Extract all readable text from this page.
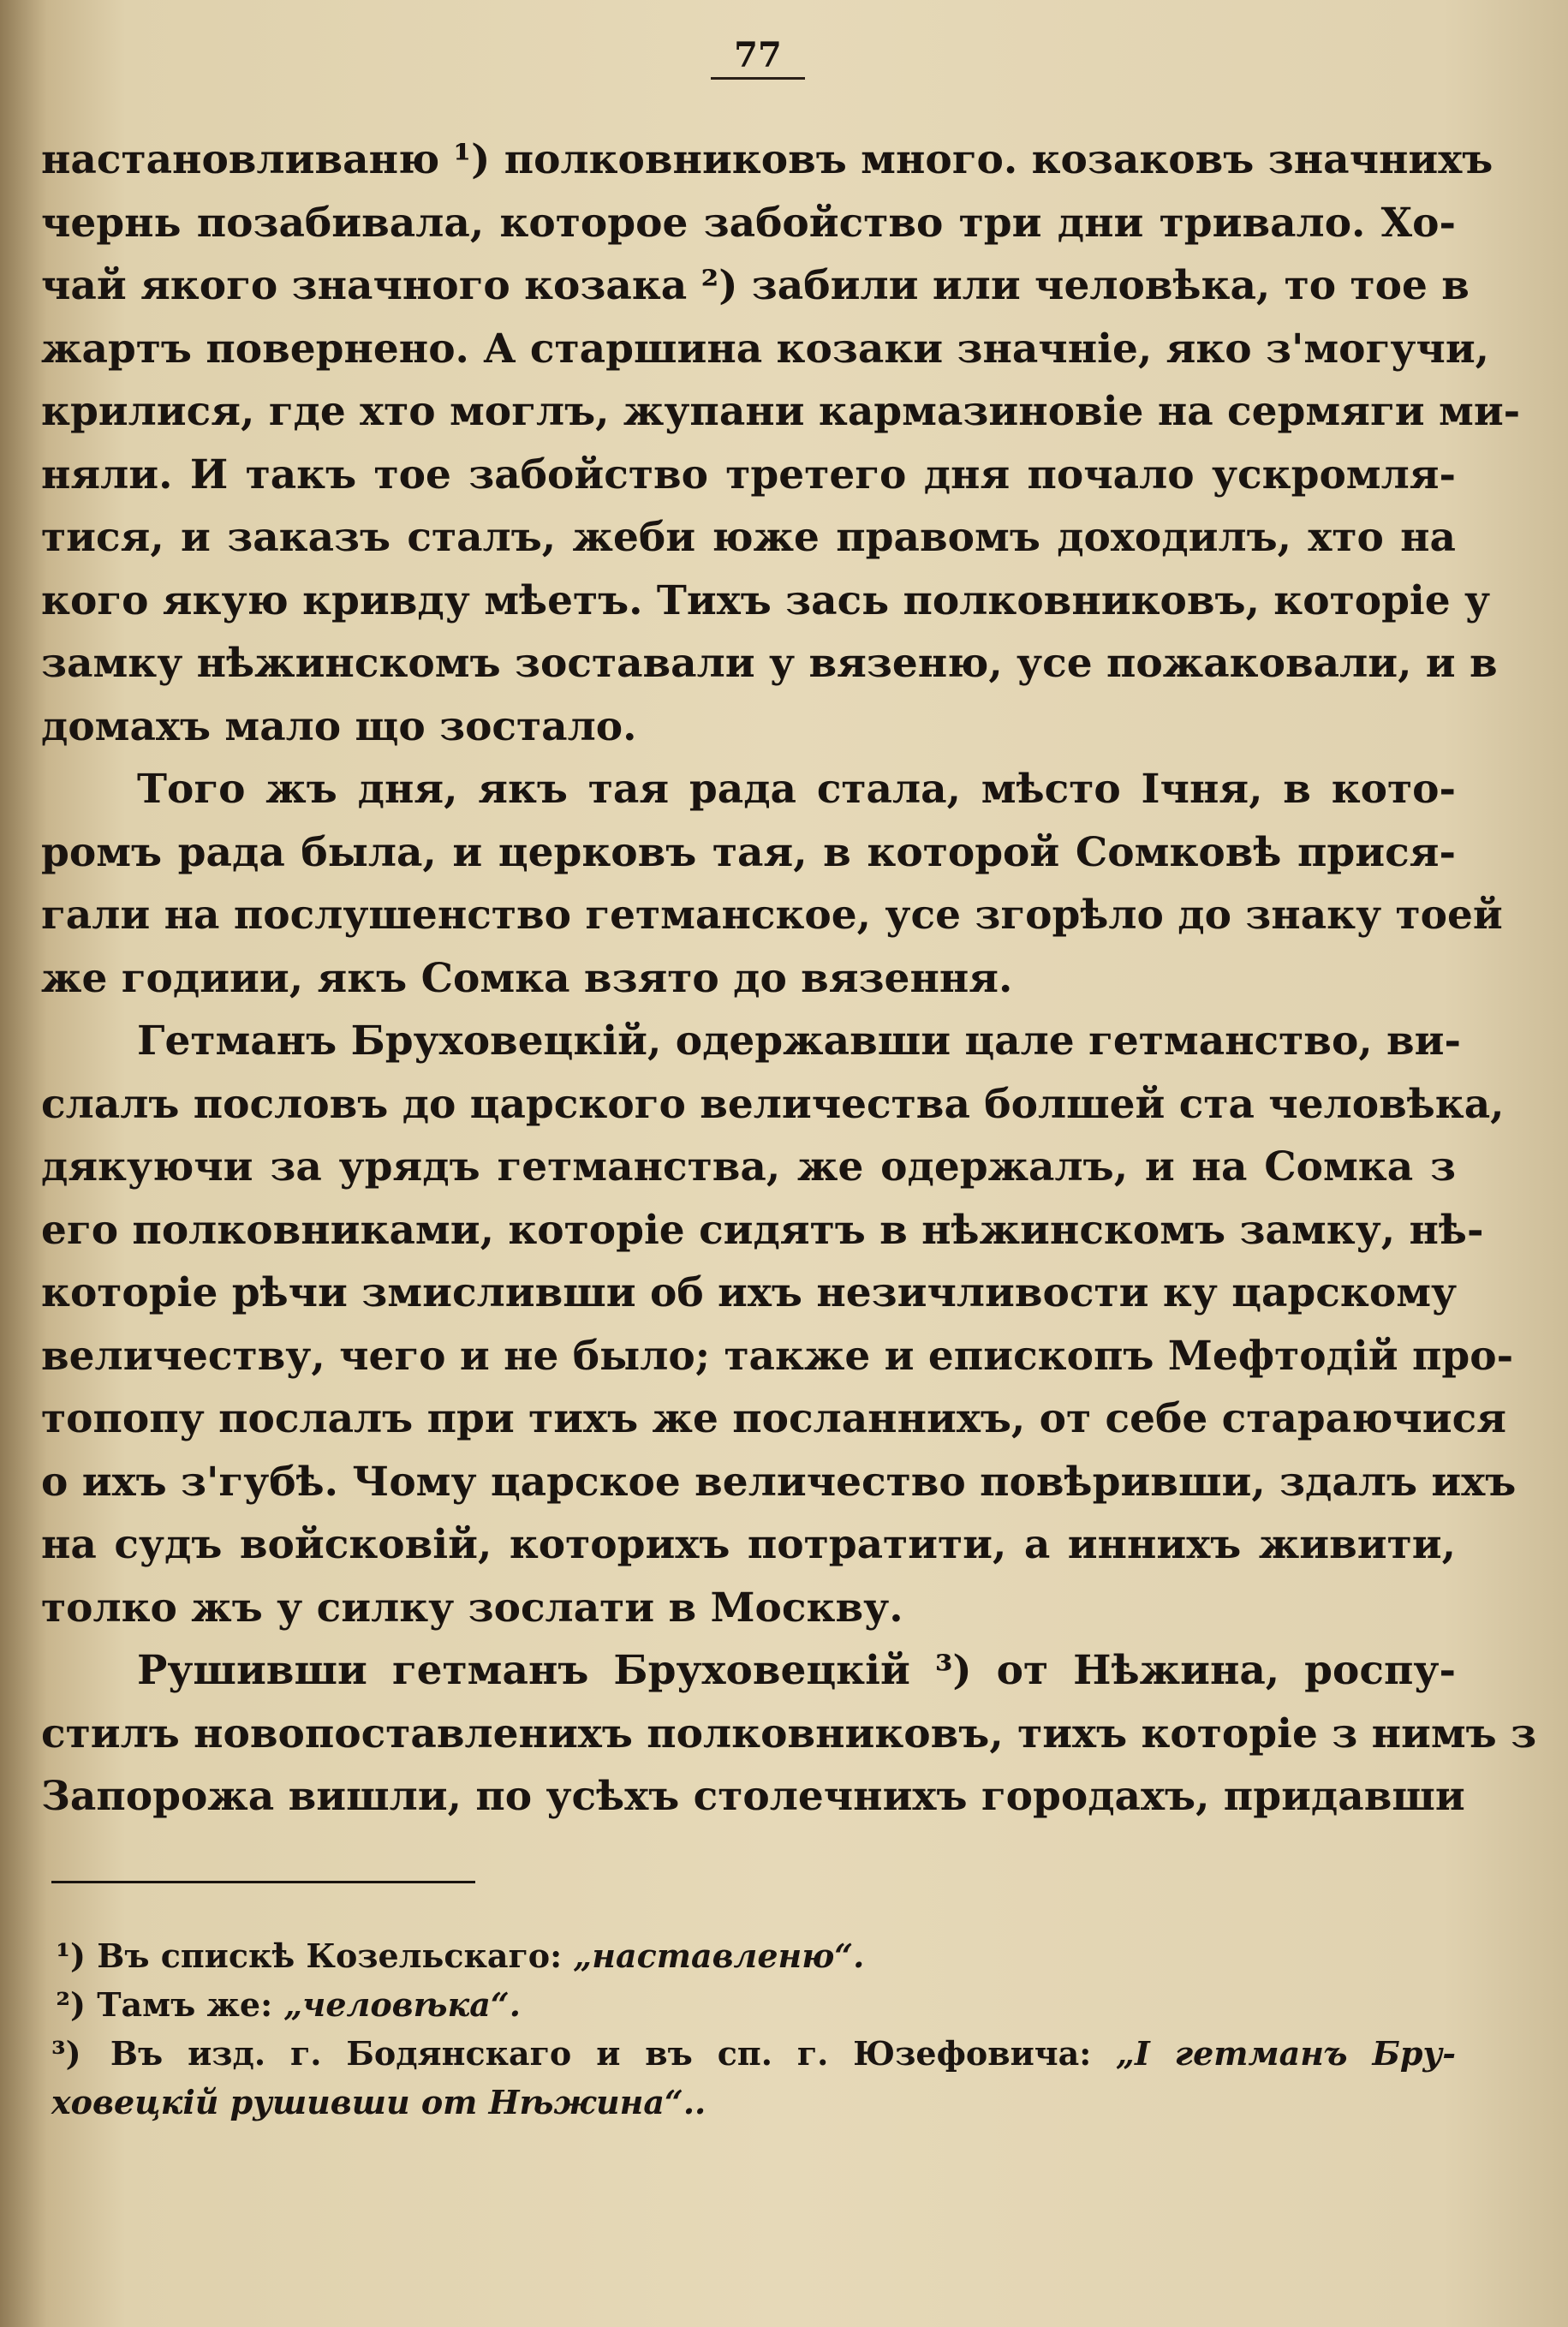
77
настановливаню ¹) полковниковъ много. козаковъ значнихъ
чернь позабивала, которое забойство три дни тривало. Хо-
чай якого значного козака ²) забили или человѣка, то тое в
жартъ повернено. А старшина козаки значніе, яко з'могучи,
крилися, где хто моглъ, жупани кармазиновіе на сермяги ми-
няли. И такъ тое забойство третего дня почало ускромля-
тися, и заказъ сталъ, жеби юже правомъ доходилъ, хто на
кого якую кривду мѣетъ. Тихъ зась полковниковъ, которіе у
замку нѣжинскомъ зоставали у вязеню, усе пожаковали, и в
домахъ мало що зостало.
Того жъ дня, якъ тая рада стала, мѣсто Ічня, в кото-
ромъ рада была, и церковъ тая, в которой Сомковѣ прися-
гали на послушенство гетманское, усе згорѣло до знаку тоей
же годиии, якъ Сомка взято до вязення.
Гетманъ Бруховецкій, одержавши цале гетманство, ви-
слалъ пословъ до царского величества болшей ста человѣка,
дякуючи за урядъ гетманства, же одержалъ, и на Сомка з
его полковниками, которіе сидятъ в нѣжинскомъ замку, нѣ-
которіе рѣчи змисливши об ихъ незичливости ку царскому
величеству, чего и не было; также и епископъ Мефтодій про-
топопу послалъ при тихъ же посланнихъ, от себе стараючися
о ихъ з'губѣ. Чому царское величество повѣривши, здалъ ихъ
на судъ войсковій, которихъ потратити, а иннихъ живити,
толко жъ у силку зослати в Москву.
Рушивши гетманъ Бруховецкій ³) от Нѣжина, роспу-
стилъ новопоставленихъ полковниковъ, тихъ которіе з нимъ з
Запорожа вишли, по усѣхъ столечнихъ городахъ, придавши
¹) Въ спискѣ Козельскаго: „наставленю“.
²) Тамъ же: „человѣка“.
³) Въ изд. г. Бодянскаго и въ сп. г. Юзефовича: „І гетманъ Бру-
ховецкій рушивши от Нѣжина“..
